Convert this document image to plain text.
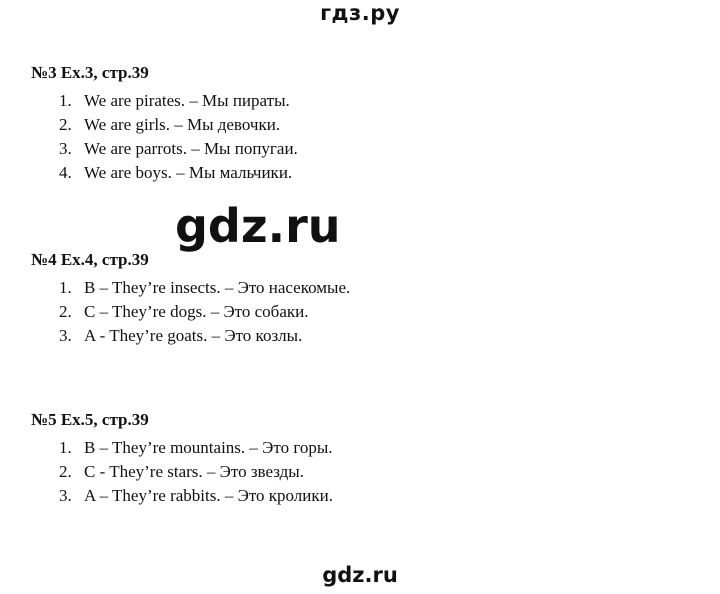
гдз.ру
№3 Ex.3, стр.39
1. We are pirates. – Мы пираты.
2. We are girls. – Мы девочки.
3. We are parrots. – Мы попугаи.
4. We are boys. – Мы мальчики.
gdz.ru
№4 Ex.4, стр.39
1. B – They’re insects. – Это насекомые.
2. C – They’re dogs. – Это собаки.
3. A - They’re goats. – Это козлы.
№5 Ex.5, стр.39
1. B – They’re mountains. – Это горы.
2. C - They’re stars. – Это звезды.
3. A – They’re rabbits. – Это кролики.
gdz.ru
